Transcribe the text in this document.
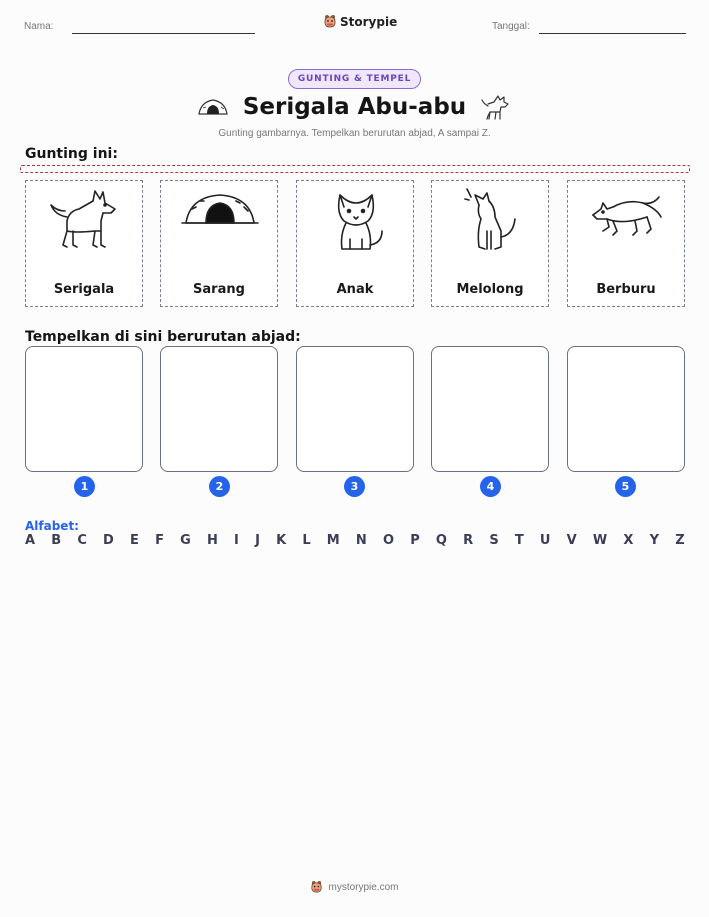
Nama:	Storypie	Tanggal:
GUNTING & TEMPEL
Serigala Abu-abu
Gunting gambarnya. Tempelkan berurutan abjad, A sampai Z.
Gunting ini:
Serigala	Sarang	Anak	Melolong	Berburu
Tempelkan di sini berurutan abjad:
1	2	3	4	5
Alfabet:
A B C D E F G H I J K L M N O P Q R S T U V W X Y Z
mystorypie.com
